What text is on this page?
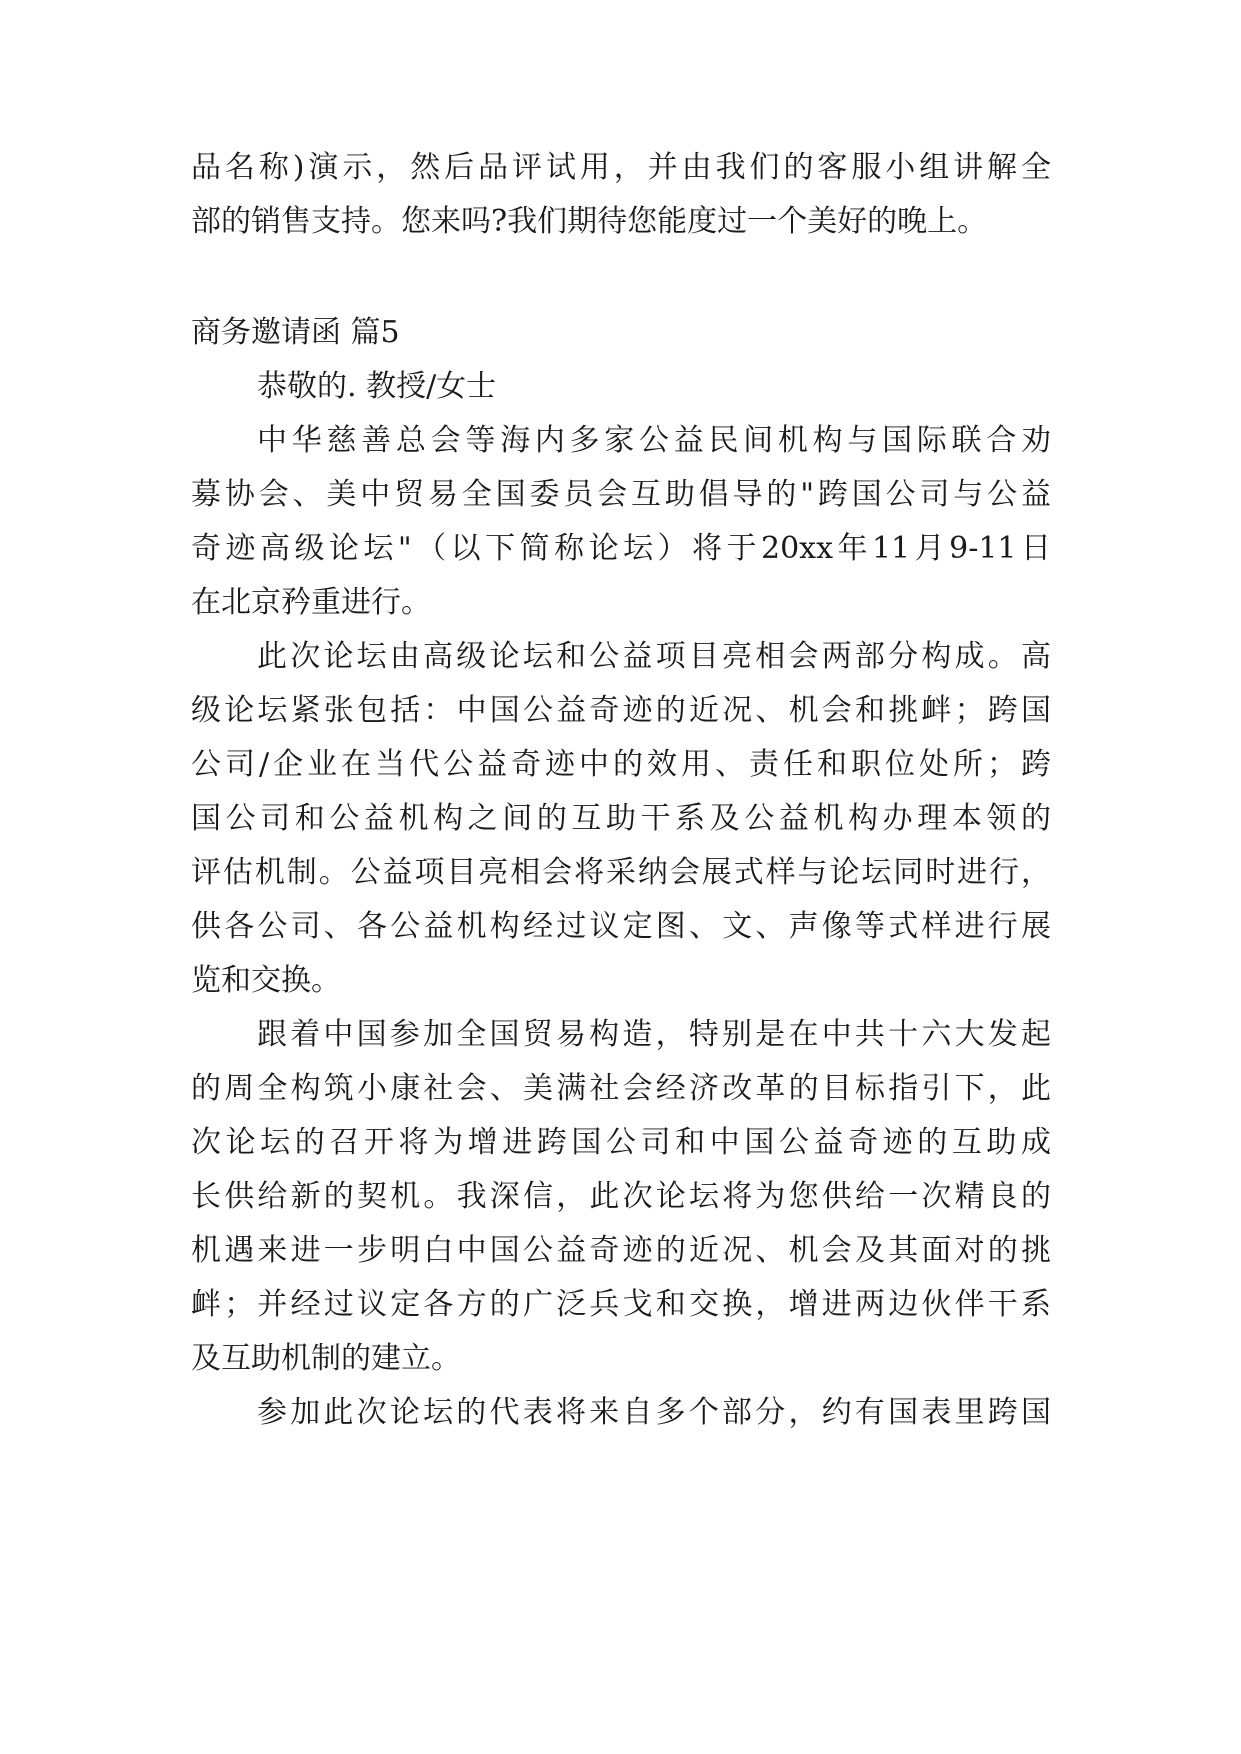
品名称)演示，然后品评试用，并由我们的客服小组讲解全
部的销售支持。您来吗?我们期待您能度过一个美好的晚上。
商务邀请函 篇5
恭敬的. 教授/女士
中华慈善总会等海内多家公益民间机构与国际联合劝
募协会、美中贸易全国委员会互助倡导的"跨国公司与公益
奇迹高级论坛"（以下简称论坛）将于20xx年11月9-11日
在北京矜重进行。
此次论坛由高级论坛和公益项目亮相会两部分构成。高
级论坛紧张包括：中国公益奇迹的近况、机会和挑衅；跨国
公司/企业在当代公益奇迹中的效用、责任和职位处所；跨
国公司和公益机构之间的互助干系及公益机构办理本领的
评估机制。公益项目亮相会将采纳会展式样与论坛同时进行，
供各公司、各公益机构经过议定图、文、声像等式样进行展
览和交换。
跟着中国参加全国贸易构造，特别是在中共十六大发起
的周全构筑小康社会、美满社会经济改革的目标指引下，此
次论坛的召开将为增进跨国公司和中国公益奇迹的互助成
长供给新的契机。我深信，此次论坛将为您供给一次精良的
机遇来进一步明白中国公益奇迹的近况、机会及其面对的挑
衅；并经过议定各方的广泛兵戈和交换，增进两边伙伴干系
及互助机制的建立。
参加此次论坛的代表将来自多个部分，约有国表里跨国
